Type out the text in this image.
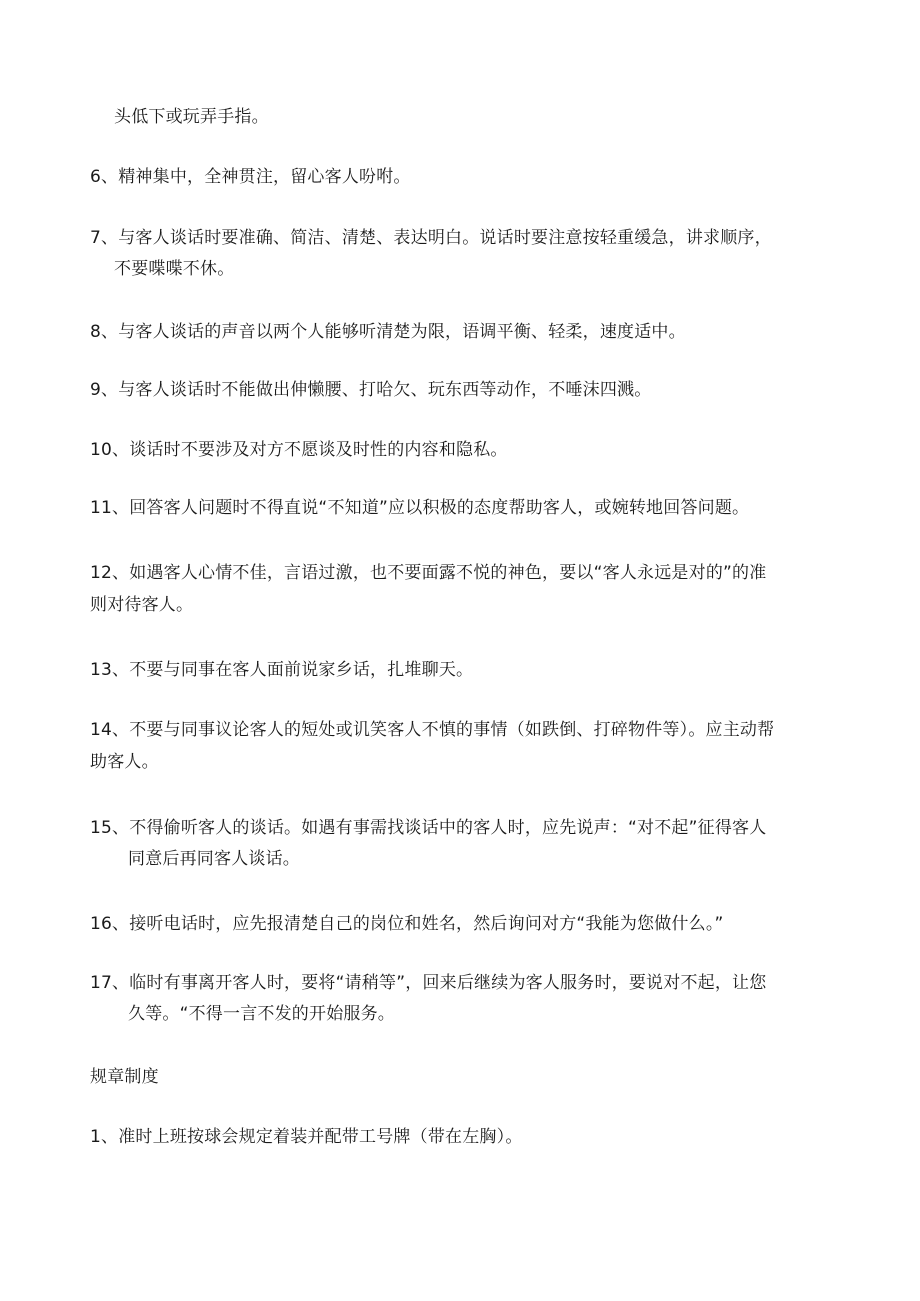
头低下或玩弄手指。
6、精神集中，全神贯注，留心客人吩咐。
7、与客人谈话时要准确、简洁、清楚、表达明白。说话时要注意按轻重缓急，讲求顺序，
不要喋喋不休。
8、与客人谈话的声音以两个人能够听清楚为限，语调平衡、轻柔，速度适中。
9、与客人谈话时不能做出伸懒腰、打哈欠、玩东西等动作，不唾沫四溅。
10、谈话时不要涉及对方不愿谈及时性的内容和隐私。
11、回答客人问题时不得直说“不知道”应以积极的态度帮助客人，或婉转地回答问题。
12、如遇客人心情不佳，言语过激，也不要面露不悦的神色，要以“客人永远是对的”的准
则对待客人。
13、不要与同事在客人面前说家乡话，扎堆聊天。
14、不要与同事议论客人的短处或讥笑客人不慎的事情（如跌倒、打碎物件等）。应主动帮
助客人。
15、不得偷听客人的谈话。如遇有事需找谈话中的客人时，应先说声：“对不起”征得客人
同意后再同客人谈话。
16、接听电话时，应先报清楚自己的岗位和姓名，然后询问对方“我能为您做什么。”
17、临时有事离开客人时，要将“请稍等”，回来后继续为客人服务时，要说对不起，让您
久等。“不得一言不发的开始服务。
规章制度
1、准时上班按球会规定着装并配带工号牌（带在左胸）。
